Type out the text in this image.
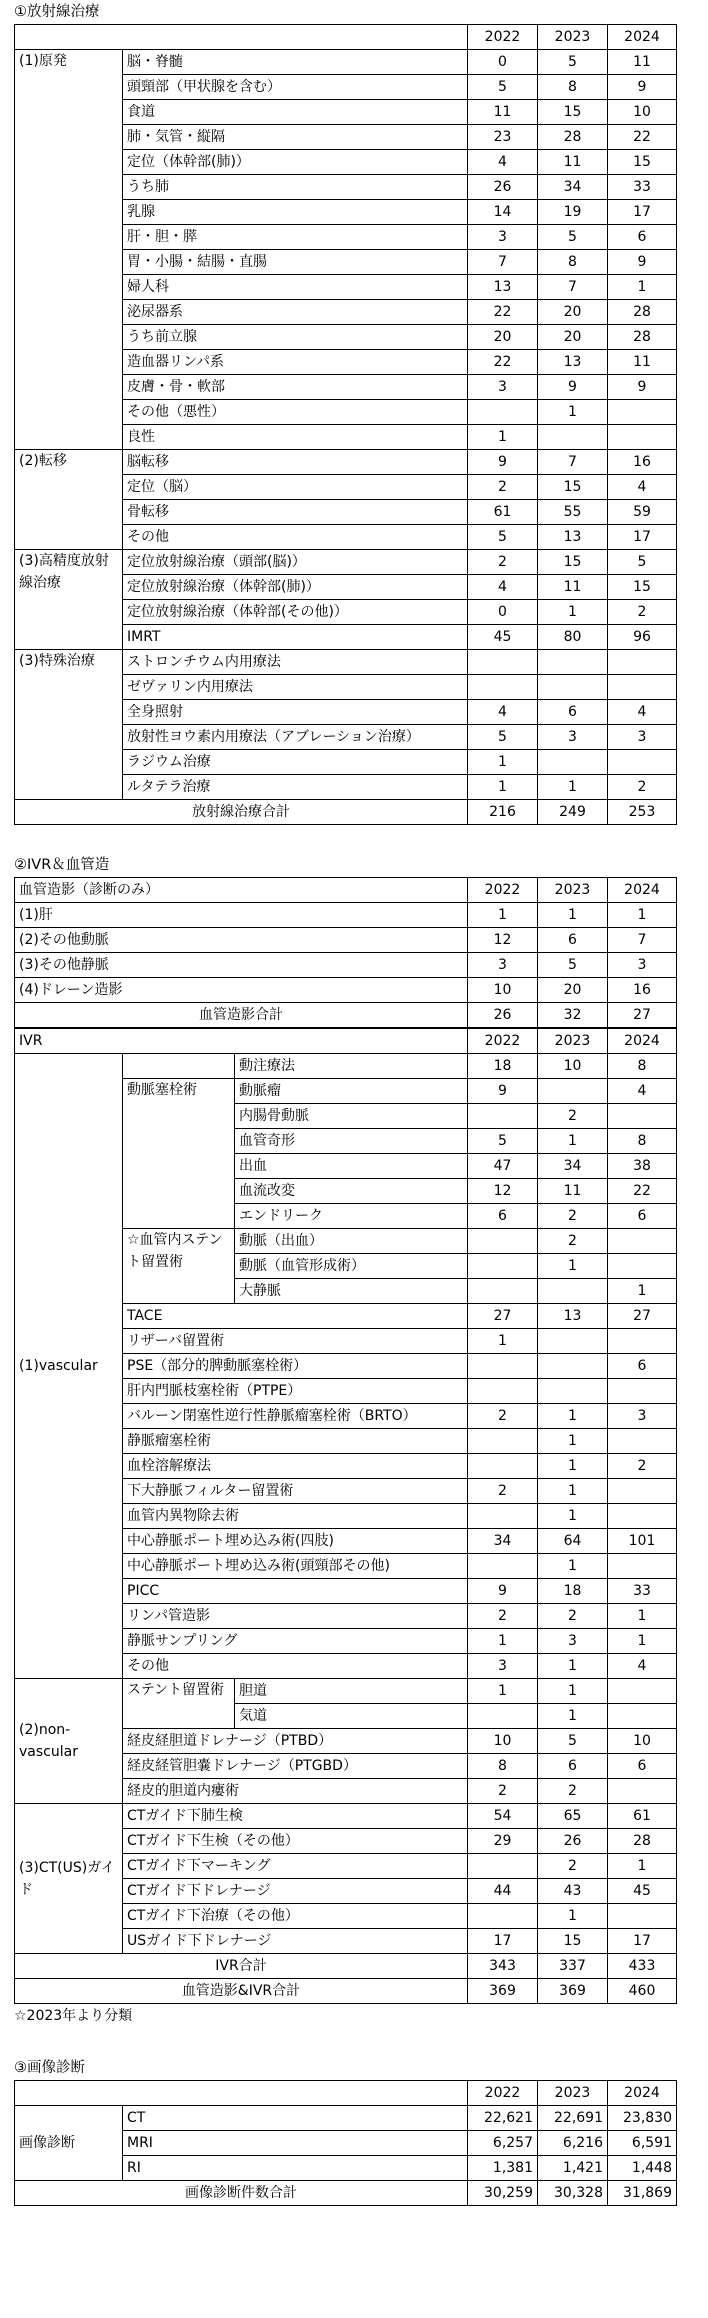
①放射線治療
		2022	2023	2024
(1)原発	脳・脊髄	0	5	11
	頭頸部（甲状腺を含む）	5	8	9
	食道	11	15	10
	肺・気管・縦隔	23	28	22
	定位（体幹部(肺)）	4	11	15
	うち肺	26	34	33
	乳腺	14	19	17
	肝・胆・膵	3	5	6
	胃・小腸・結腸・直腸	7	8	9
	婦人科	13	7	1
	泌尿器系	22	20	28
	うち前立腺	20	20	28
	造血器リンパ系	22	13	11
	皮膚・骨・軟部	3	9	9
	その他（悪性）		1	
	良性	1		
(2)転移	脳転移	9	7	16
	定位（脳）	2	15	4
	骨転移	61	55	59
	その他	5	13	17
(3)高精度放射線治療	定位放射線治療（頭部(脳)）	2	15	5
	定位放射線治療（体幹部(肺)）	4	11	15
	定位放射線治療（体幹部(その他)）	0	1	2
	IMRT	45	80	96
(3)特殊治療	ストロンチウム内用療法			
	ゼヴァリン内用療法			
	全身照射	4	6	4
	放射性ヨウ素内用療法（アブレーション治療）	5	3	3
	ラジウム治療	1		
	ルタテラ治療	1	1	2
放射線治療合計		216	249	253
②IVR＆血管造
血管造影（診断のみ）	2022	2023	2024
(1)肝	1	1	1
(2)その他動脈	12	6	7
(3)その他静脈	3	5	3
(4)ドレーン造影	10	20	16
血管造影合計	26	32	27
IVR			2022	2023	2024
(1)vascular		動注療法	18	10	8
	動脈塞栓術	動脈瘤	9		4
		内腸骨動脈		2	
		血管奇形	5	1	8
		出血	47	34	38
		血流改変	12	11	22
		エンドリーク	6	2	6
	☆血管内ステント留置術	動脈（出血）		2	
		動脈（血管形成術）		1	
		大静脈			1
	TACE		27	13	27
	リザーバ留置術		1		
	PSE（部分的脾動脈塞栓術）				6
	肝内門脈枝塞栓術（PTPE）				
	バルーン閉塞性逆行性静脈瘤塞栓術（BRTO）		2	1	3
	静脈瘤塞栓術			1	
	血栓溶解療法			1	2
	下大静脈フィルター留置術		2	1	
	血管内異物除去術			1	
	中心静脈ポート埋め込み術(四肢)		34	64	101
	中心静脈ポート埋め込み術(頭頸部その他)			1	
	PICC		9	18	33
	リンパ管造影		2	2	1
	静脈サンプリング		1	3	1
	その他		3	1	4
(2)non-vascular	ステント留置術	胆道	1	1	
		気道		1	
	経皮経胆道ドレナージ（PTBD）		10	5	10
	経皮経管胆嚢ドレナージ（PTGBD）		8	6	6
	経皮的胆道内瘻術		2	2	
(3)CT(US)ガイド	CTガイド下肺生検		54	65	61
	CTガイド下生検（その他）		29	26	28
	CTガイド下マーキング			2	1
	CTガイド下ドレナージ		44	43	45
	CTガイド下治療（その他）			1	
	USガイド下ドレナージ		17	15	17
IVR合計			343	337	433
血管造影&IVR合計			369	369	460
☆2023年より分類
③画像診断
		2022	2023	2024
画像診断	CT	22,621	22,691	23,830
	MRI	6,257	6,216	6,591
	RI	1,381	1,421	1,448
画像診断件数合計		30,259	30,328	31,869
